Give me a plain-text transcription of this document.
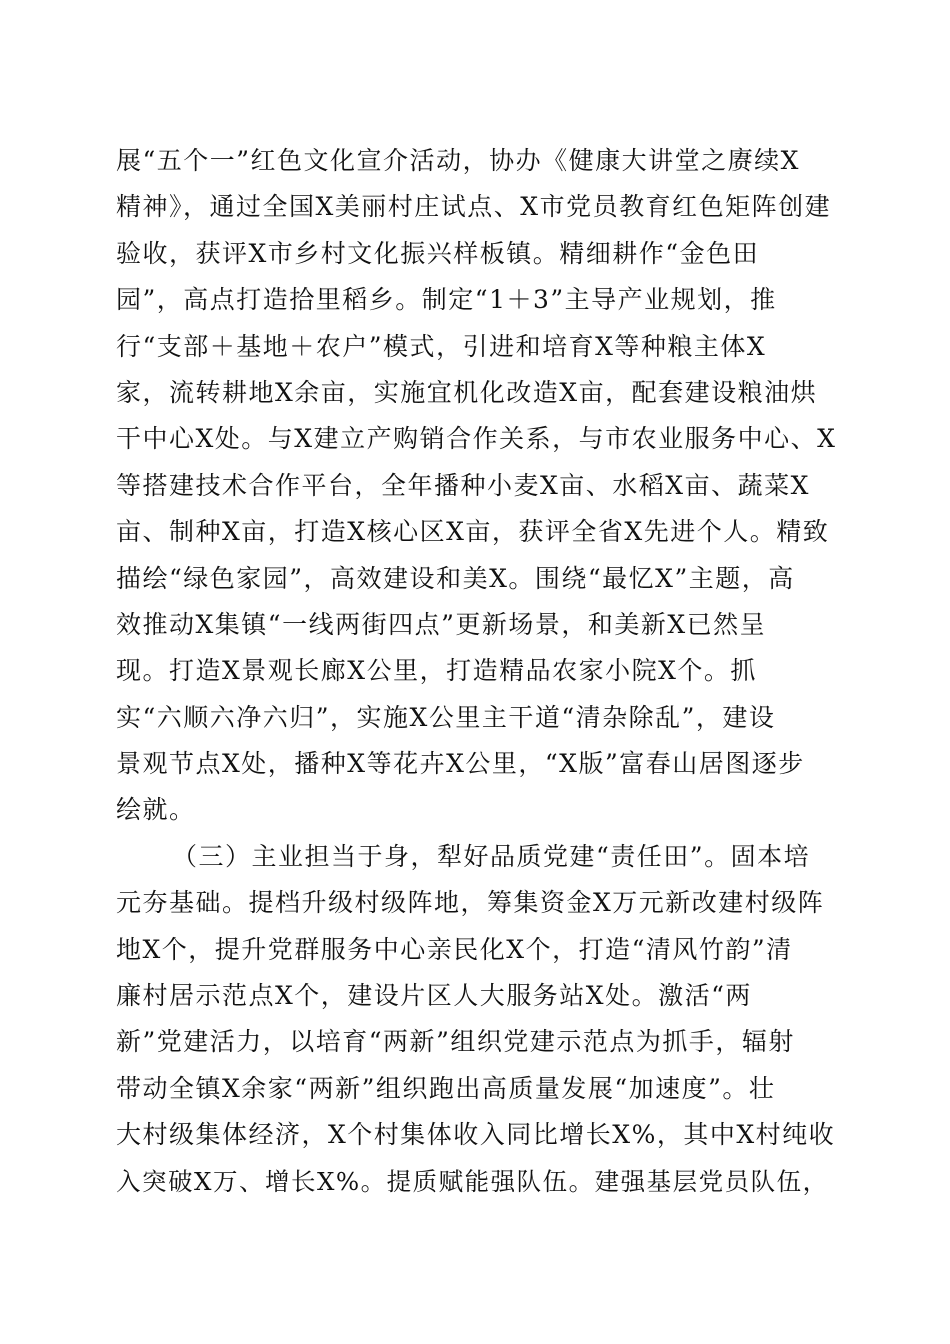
展“五个一”红色文化宣介活动，协办《健康大讲堂之赓续X
精神》，通过全国X美丽村庄试点、X市党员教育红色矩阵创建
验收，获评X市乡村文化振兴样板镇。精细耕作“金色田
园”，高点打造拾里稻乡。制定“1＋3”主导产业规划，推
行“支部＋基地＋农户”模式，引进和培育X等种粮主体X
家，流转耕地X余亩，实施宜机化改造X亩，配套建设粮油烘
干中心X处。与X建立产购销合作关系，与市农业服务中心、X
等搭建技术合作平台，全年播种小麦X亩、水稻X亩、蔬菜X
亩、制种X亩，打造X核心区X亩，获评全省X先进个人。精致
描绘“绿色家园”，高效建设和美X。围绕“最忆X”主题，高
效推动X集镇“一线两街四点”更新场景，和美新X已然呈
现。打造X景观长廊X公里，打造精品农家小院X个。抓
实“六顺六净六归”，实施X公里主干道“清杂除乱”，建设
景观节点X处，播种X等花卉X公里，“X版”富春山居图逐步
绘就。
（三）主业担当于身，犁好品质党建“责任田”。固本培
元夯基础。提档升级村级阵地，筹集资金X万元新改建村级阵
地X个，提升党群服务中心亲民化X个，打造“清风竹韵”清
廉村居示范点X个，建设片区人大服务站X处。激活“两
新”党建活力，以培育“两新”组织党建示范点为抓手，辐射
带动全镇X余家“两新”组织跑出高质量发展“加速度”。壮
大村级集体经济，X个村集体收入同比增长X%，其中X村纯收
入突破X万、增长X%。提质赋能强队伍。建强基层党员队伍，
